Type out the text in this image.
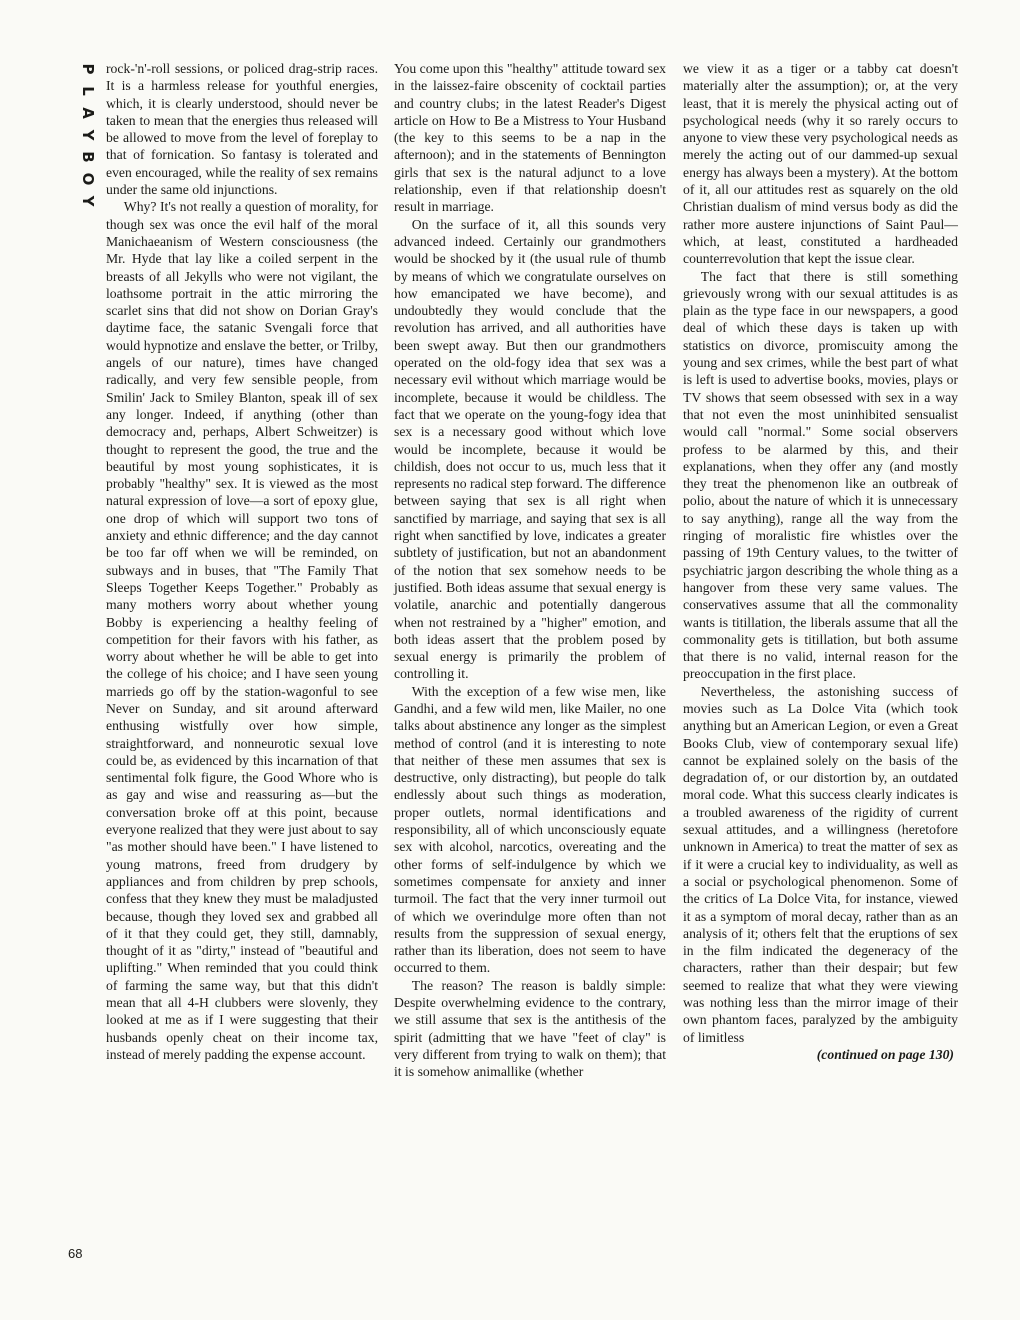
P
L
A
Y
B
O
Y

rock-'n'-roll sessions, or policed drag-strip races. It is a harmless release for youthful energies, which, it is clearly understood, should never be taken to mean that the energies thus released will be allowed to move from the level of foreplay to that of fornication. So fantasy is tolerated and even encouraged, while the reality of sex remains under the same old injunctions.

Why? It's not really a question of morality, for though sex was once the evil half of the moral Manichaeanism of Western consciousness (the Mr. Hyde that lay like a coiled serpent in the breasts of all Jekylls who were not vigilant, the loathsome portrait in the attic mirroring the scarlet sins that did not show on Dorian Gray's daytime face, the satanic Svengali force that would hypnotize and enslave the better, or Trilby, angels of our nature), times have changed radically, and very few sensible people, from Smilin' Jack to Smiley Blanton, speak ill of sex any longer. Indeed, if anything (other than democracy and, perhaps, Albert Schweitzer) is thought to represent the good, the true and the beautiful by most young sophisticates, it is probably "healthy" sex. It is viewed as the most natural expression of love—a sort of epoxy glue, one drop of which will support two tons of anxiety and ethnic difference; and the day cannot be too far off when we will be reminded, on subways and in buses, that "The Family That Sleeps Together Keeps Together." Probably as many mothers worry about whether young Bobby is experiencing a healthy feeling of competition for their favors with his father, as worry about whether he will be able to get into the college of his choice; and I have seen young marrieds go off by the station-wagonful to see Never on Sunday, and sit around afterward enthusing wistfully over how simple, straightforward, and nonneurotic sexual love could be, as evidenced by this incarnation of that sentimental folk figure, the Good Whore who is as gay and wise and reassuring as—but the conversation broke off at this point, because everyone realized that they were just about to say "as mother should have been." I have listened to young matrons, freed from drudgery by appliances and from children by prep schools, confess that they knew they must be maladjusted because, though they loved sex and grabbed all of it that they could get, they still, damnably, thought of it as "dirty," instead of "beautiful and uplifting." When reminded that you could think of farming the same way, but that this didn't mean that all 4-H clubbers were slovenly, they looked at me as if I were suggesting that their husbands openly cheat on their income tax, instead of merely padding the expense account.

You come upon this "healthy" attitude toward sex in the laissez-faire obscenity of cocktail parties and country clubs; in the latest Reader's Digest article on How to Be a Mistress to Your Husband (the key to this seems to be a nap in the afternoon); and in the statements of Bennington girls that sex is the natural adjunct to a love relationship, even if that relationship doesn't result in marriage.

On the surface of it, all this sounds very advanced indeed. Certainly our grandmothers would be shocked by it (the usual rule of thumb by means of which we congratulate ourselves on how emancipated we have become), and undoubtedly they would conclude that the revolution has arrived, and all authorities have been swept away. But then our grandmothers operated on the old-fogy idea that sex was a necessary evil without which marriage would be incomplete, because it would be childless. The fact that we operate on the young-fogy idea that sex is a necessary good without which love would be incomplete, because it would be childish, does not occur to us, much less that it represents no radical step forward. The difference between saying that sex is all right when sanctified by marriage, and saying that sex is all right when sanctified by love, indicates a greater subtlety of justification, but not an abandonment of the notion that sex somehow needs to be justified. Both ideas assume that sexual energy is volatile, anarchic and potentially dangerous when not restrained by a "higher" emotion, and both ideas assert that the problem posed by sexual energy is primarily the problem of controlling it.

With the exception of a few wise men, like Gandhi, and a few wild men, like Mailer, no one talks about abstinence any longer as the simplest method of control (and it is interesting to note that neither of these men assumes that sex is destructive, only distracting), but people do talk endlessly about such things as moderation, proper outlets, normal identifications and responsibility, all of which unconsciously equate sex with alcohol, narcotics, overeating and the other forms of self-indulgence by which we sometimes compensate for anxiety and inner turmoil. The fact that the very inner turmoil out of which we overindulge more often than not results from the suppression of sexual energy, rather than its liberation, does not seem to have occurred to them.

The reason? The reason is baldly simple: Despite overwhelming evidence to the contrary, we still assume that sex is the antithesis of the spirit (admitting that we have "feet of clay" is very different from trying to walk on them); that it is somehow animallike (whether

we view it as a tiger or a tabby cat doesn't materially alter the assumption); or, at the very least, that it is merely the physical acting out of psychological needs (why it so rarely occurs to anyone to view these very psychological needs as merely the acting out of our dammed-up sexual energy has always been a mystery). At the bottom of it, all our attitudes rest as squarely on the old Christian dualism of mind versus body as did the rather more austere injunctions of Saint Paul—which, at least, constituted a hardheaded counterrevolution that kept the issue clear.

The fact that there is still something grievously wrong with our sexual attitudes is as plain as the type face in our newspapers, a good deal of which these days is taken up with statistics on divorce, promiscuity among the young and sex crimes, while the best part of what is left is used to advertise books, movies, plays or TV shows that seem obsessed with sex in a way that not even the most uninhibited sensualist would call "normal." Some social observers profess to be alarmed by this, and their explanations, when they offer any (and mostly they treat the phenomenon like an outbreak of polio, about the nature of which it is unnecessary to say anything), range all the way from the ringing of moralistic fire whistles over the passing of 19th Century values, to the twitter of psychiatric jargon describing the whole thing as a hangover from these very same values. The conservatives assume that all the commonality wants is titillation, the liberals assume that all the commonality gets is titillation, but both assume that there is no valid, internal reason for the preoccupation in the first place.

Nevertheless, the astonishing success of movies such as La Dolce Vita (which took anything but an American Legion, or even a Great Books Club, view of contemporary sexual life) cannot be explained solely on the basis of the degradation of, or our distortion by, an outdated moral code. What this success clearly indicates is a troubled awareness of the rigidity of current sexual attitudes, and a willingness (heretofore unknown in America) to treat the matter of sex as if it were a crucial key to individuality, as well as a social or psychological phenomenon. Some of the critics of La Dolce Vita, for instance, viewed it as a symptom of moral decay, rather than as an analysis of it; others felt that the eruptions of sex in the film indicated the degeneracy of the characters, rather than their despair; but few seemed to realize that what they were viewing was nothing less than the mirror image of their own phantom faces, paralyzed by the ambiguity of limitless

(continued on page 130)
68
